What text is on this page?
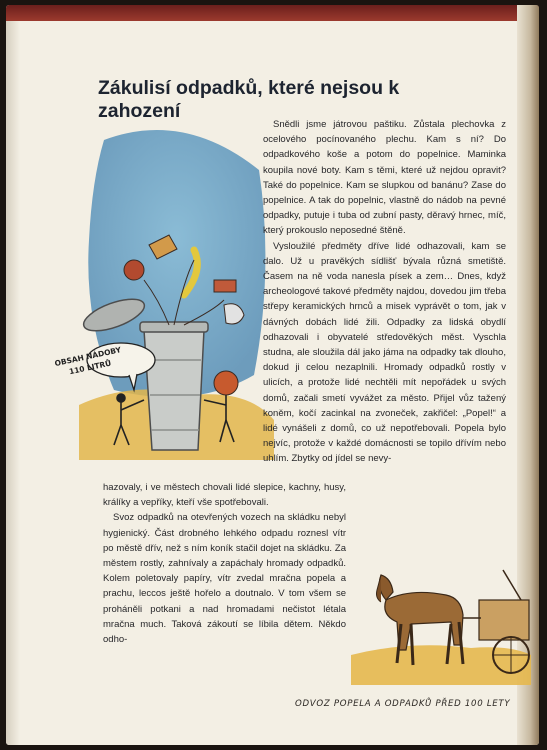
OBSAH NÁDOBY 110 LITRŮ
Zákulisí odpadků, které nejsou k zahození

Snědli jsme játrovou paštiku. Zůstala plechovka z ocelového pocínovaného plechu. Kam s ní? Do odpadkového koše a potom do popelnice. Maminka koupila nové boty. Kam s těmi, které už nejdou opravit? Také do popelnice. Kam se slupkou od banánu? Zase do popelnice. A tak do popelnic, vlastně do nádob na pevné odpadky, putuje i tuba od zubní pasty, děravý hrnec, míč, který prokouslo neposedné štěně.

Vysloužilé předměty dříve lidé odhazovali, kam se dalo. Už u pravěkých sídlišť bývala různá smetiště. Časem na ně voda nanesla písek a zem… Dnes, když archeologové takové předměty najdou, dovedou jim třeba střepy keramických hrnců a misek vyprávět o tom, jak v dávných dobách lidé žili. Odpadky za lidská obydlí odhazovali i obyvatelé středověkých měst. Vyschla studna, ale sloužila dál jako jáma na odpadky tak dlouho, dokud ji celou nezaplnili. Hromady odpadků rostly v ulicích, a protože lidé nechtěli mít nepořádek u svých domů, začali smetí vyvážet za město. Přijel vůz tažený koněm, kočí zacinkal na zvoneček, zakřičel: „Popel!“ a lidé vynášeli z domů, co už nepotřebovali. Popela bylo nejvíc, protože v každé domácnosti se topilo dřívím nebo uhlím. Zbytky od jídel se nevy-

hazovaly, i ve městech chovali lidé slepice, kachny, husy, králíky a vepříky, kteří vše spotřebovali.

Svoz odpadků na otevřených vozech na skládku nebyl hygienický. Část drobného lehkého odpadu roznesl vítr po městě dřív, než s ním koník stačil dojet na skládku. Za městem rostly, zahnívaly a zapáchaly hromady odpadků. Kolem poletovaly papíry, vítr zvedal mračna popela a prachu, leccos ještě hořelo a doutnalo. V tom všem se proháněli potkani a nad hromadami nečistot létala mračna much. Taková zákoutí se líbila dětem. Někdo odho-

ODVOZ POPELA A ODPADKŮ PŘED 100 LETY
